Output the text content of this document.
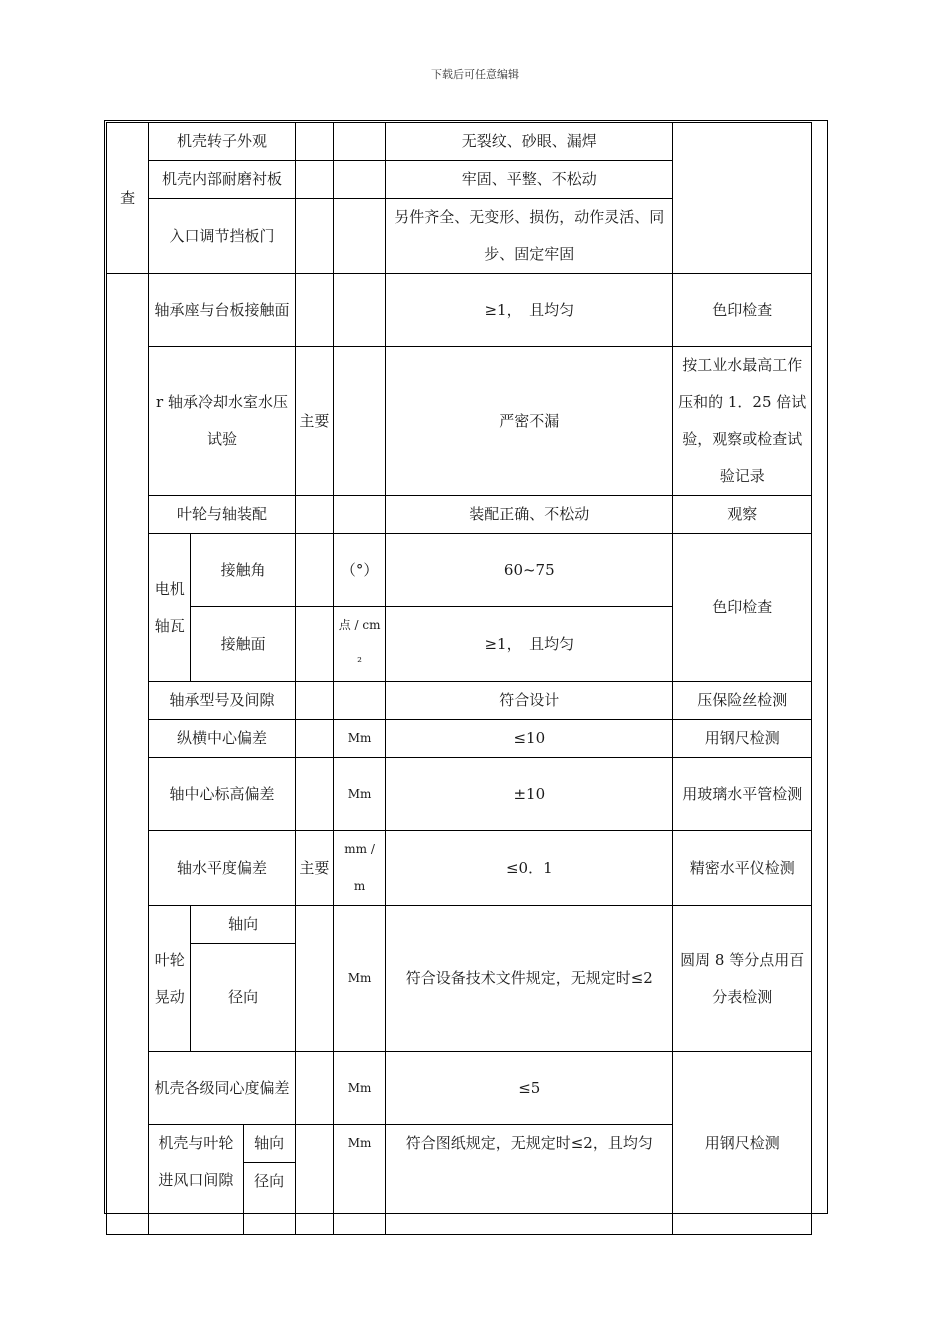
下载后可任意编辑
查	机壳转子外观					无裂纹、砂眼、漏焊	
	机壳内部耐磨衬板					牢固、平整、不松动	
	入口调节挡板门					另件齐全、无变形、损伤，动作灵活、同步、固定牢固	
	轴承座与台板接触面					≥1，　且均匀	色印检查
	r 轴承冷却水室水压试验			主要		严密不漏	按工业水最高工作压和的 1．25 倍试验，观察或检查试验记录
	叶轮与轴装配					装配正确、不松动	观察
	电机轴瓦	接触角			（°）	60~75	色印检查
		接触面			点 / cm²	≥1，　且均匀	
	轴承型号及间隙					符合设计	压保险丝检测
	纵横中心偏差				Mm	≤10	用钢尺检测
	轴中心标高偏差				Mm	±10	用玻璃水平管检测
	轴水平度偏差			主要	mm / m	≤0．1	精密水平仪检测
	叶轮晃动	轴向			Mm	符合设备技术文件规定，无规定时≤2	圆周 8 等分点用百分表检测
		径向					
	机壳各级同心度偏差				Mm	≤5	用钢尺检测
	机壳与叶轮进风口间隙		轴向		Mm	符合图纸规定，无规定时≤2，且均匀	
			径向				
